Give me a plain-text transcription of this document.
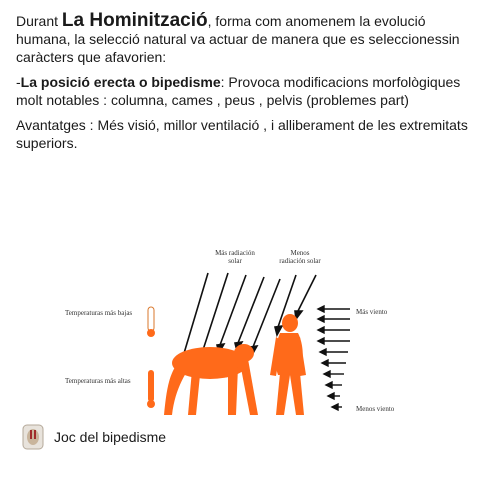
Durant La Hominització, forma com anomenem la evolució humana, la selecció natural va actuar de manera que es seleccionessin caràcters que afavorien:

-La posició erecta o bipedisme: Provoca modificacions morfològiques molt notables : columna, cames , peus , pelvis (problemes part)

Avantatges : Més visió, millor ventilació , i alliberament de les extremitats superiors.

Más radiación
solar
Menos
radiación solar
Más viento
Menos viento
Temperaturas más bajas
Temperaturas más altas
Joc del bipedisme
